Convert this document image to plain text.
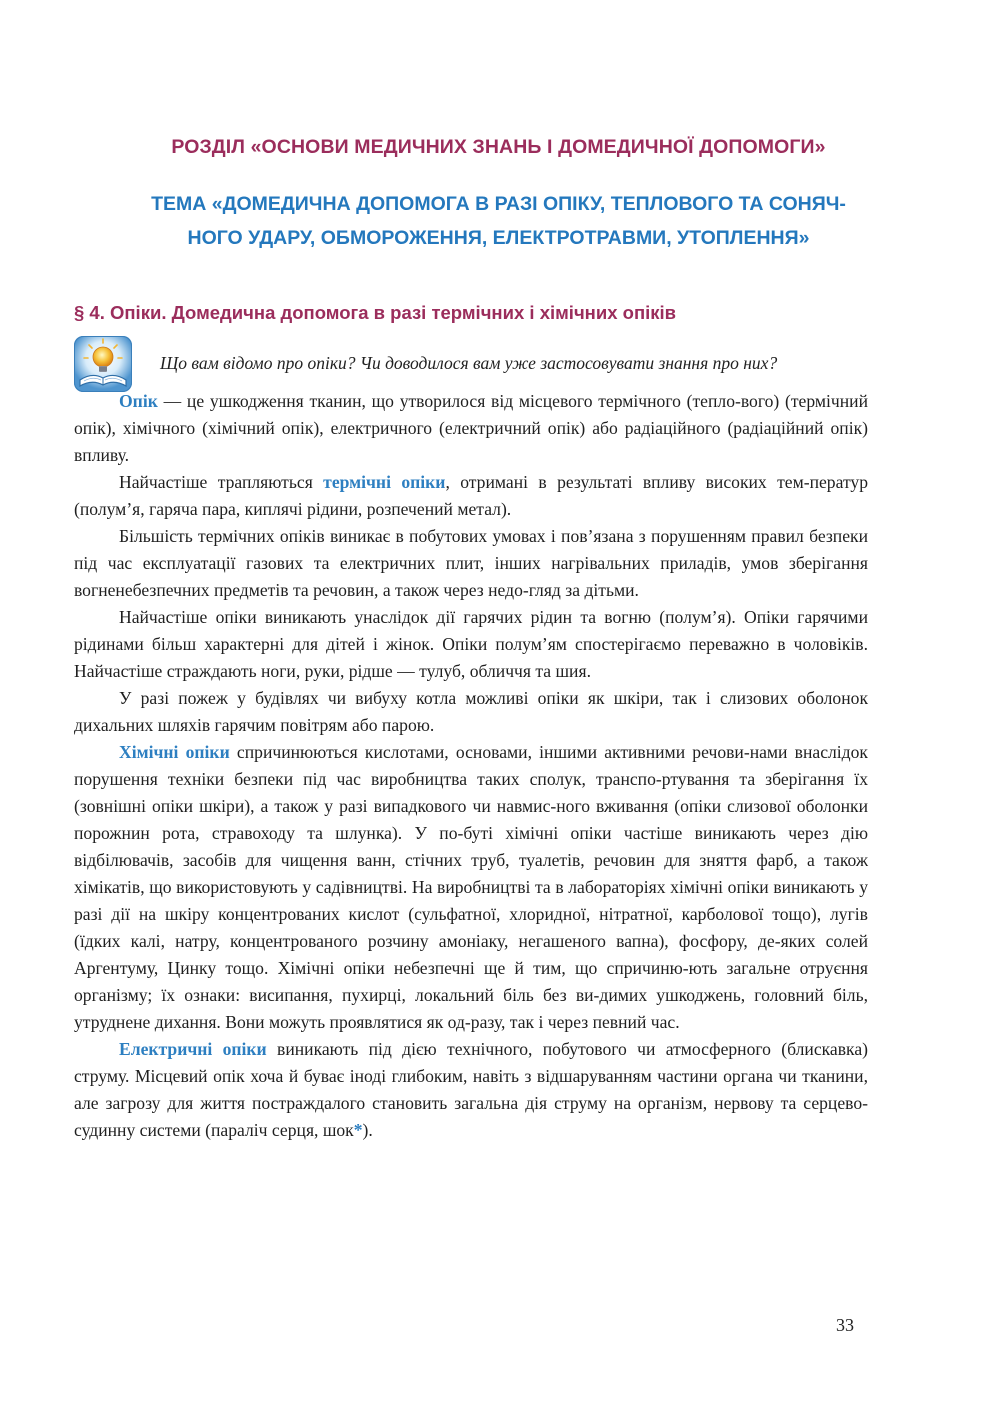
РОЗДІЛ «ОСНОВИ МЕДИЧНИХ ЗНАНЬ І ДОМЕДИЧНОЇ ДОПОМОГИ»
ТЕМА «ДОМЕДИЧНА ДОПОМОГА В РАЗІ ОПІКУ, ТЕПЛОВОГО ТА СОНЯЧ-
НОГО УДАРУ, ОБМОРОЖЕННЯ, ЕЛЕКТРОТРАВМИ, УТОПЛЕННЯ»
§ 4. Опіки. Домедична допомога в разі термічних і хімічних опіків

Що вам відомо про опіки? Чи доводилося вам уже застосовувати знання про них?

Опік — це ушкодження тканин, що утворилося від місцевого термічного (тепло-вого) (термічний опік), хімічного (хімічний опік), електричного (електричний опік) або радіаційного (радіаційний опік) впливу.

Найчастіше трапляються термічні опіки, отримані в результаті впливу високих тем-ператур (полум’я, гаряча пара, киплячі рідини, розпечений метал).

Більшість термічних опіків виникає в побутових умовах і пов’язана з порушенням правил безпеки під час експлуатації газових та електричних плит, інших нагрівальних приладів, умов зберігання вогненебезпечних предметів та речовин, а також через недо-гляд за дітьми.

Найчастіше опіки виникають унаслідок дії гарячих рідин та вогню (полум’я). Опіки гарячими рідинами більш характерні для дітей і жінок. Опіки полум’ям спостерігаємо переважно в чоловіків. Найчастіше страждають ноги, руки, рідше — тулуб, обличчя та шия.

У разі пожеж у будівлях чи вибуху котла можливі опіки як шкіри, так і слизових оболонок дихальних шляхів гарячим повітрям або парою.

Хімічні опіки спричинюються кислотами, основами, іншими активними речови-нами внаслідок порушення техніки безпеки під час виробництва таких сполук, транспо-ртування та зберігання їх (зовнішні опіки шкіри), а також у разі випадкового чи навмис-ного вживання (опіки слизової оболонки порожнин рота, стравоходу та шлунка). У по-буті хімічні опіки частіше виникають через дію відбілювачів, засобів для чищення ванн, стічних труб, туалетів, речовин для зняття фарб, а також хімікатів, що використовують у садівництві. На виробництві та в лабораторіях хімічні опіки виникають у разі дії на шкіру концентрованих кислот (сульфатної, хлоридної, нітратної, карболової тощо), лугів (їдких калі, натру, концентрованого розчину амоніаку, негашеного вапна), фосфору, де-яких солей Аргентуму, Цинку тощо. Хімічні опіки небезпечні ще й тим, що спричиню-ють загальне отруєння організму; їх ознаки: висипання, пухирці, локальний біль без ви-димих ушкоджень, головний біль, утруднене дихання. Вони можуть проявлятися як од-разу, так і через певний час.

Електричні опіки виникають під дією технічного, побутового чи атмосферного (блискавка) струму. Місцевий опік хоча й буває іноді глибоким, навіть з відшаруванням частини органа чи тканини, але загрозу для життя постраждалого становить загальна дія струму на організм, нервову та серцево-судинну системи (параліч серця, шок*).

33
